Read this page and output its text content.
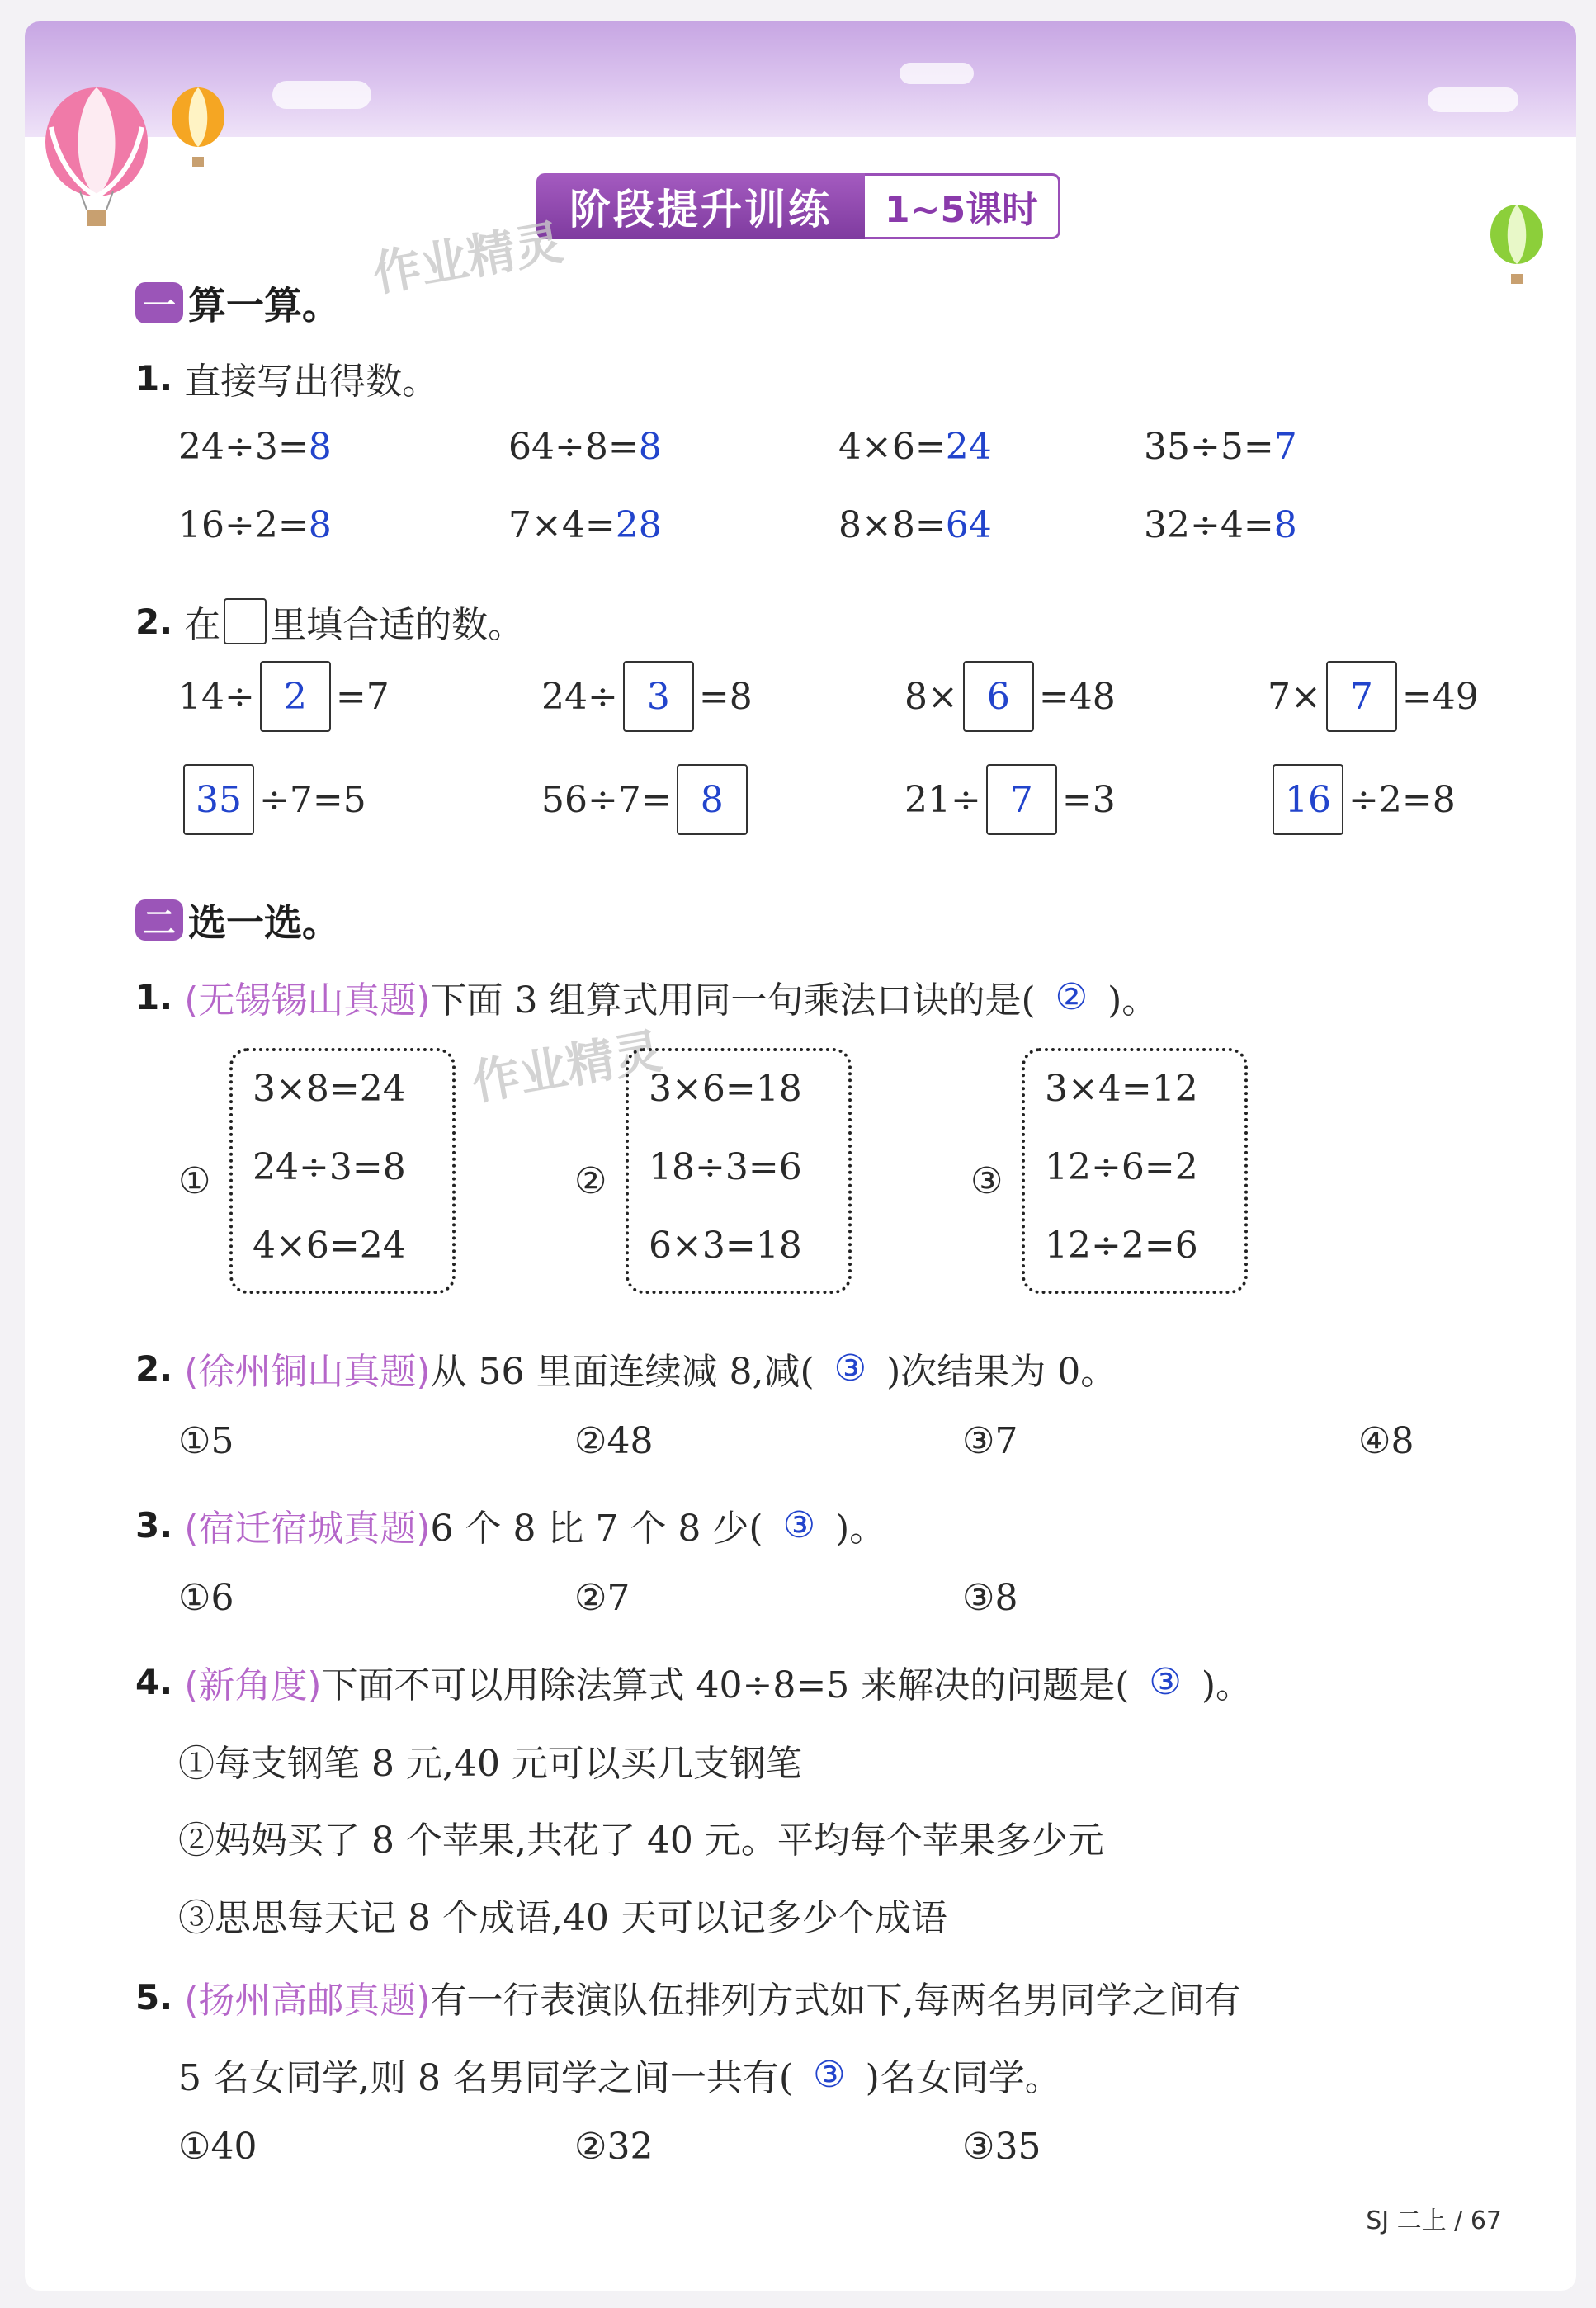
阶段提升训练	1~5课时
作业精灵
作业精灵
一 算一算。
1.
直接写出得数。
2.
在 里填合适的数。
二 选一选。
1.
(无锡锡山真题) 下面 3 组算式用同一句乘法口诀的是( ② )。
2.
(徐州铜山真题) 从 56 里面连续减 8,减( ③ )次结果为 0。
①5	②48	③7	④8
3.
(宿迁宿城真题) 6 个 8 比 7 个 8 少( ③ )。
①6	②7	③8
4.
(新角度) 下面不可以用除法算式 40÷8=5 来解决的问题是( ③ )。
①每支钢笔 8 元,40 元可以买几支钢笔
②妈妈买了 8 个苹果,共花了 40 元。平均每个苹果多少元
③思思每天记 8 个成语,40 天可以记多少个成语
5.
(扬州高邮真题) 有一行表演队伍排列方式如下,每两名男同学之间有
5 名女同学,则 8 名男同学之间一共有( ③ )名女同学。
①40	②32	③35
SJ 二上 / 67
24÷3= 8	64÷8= 8	4×6= 24	35÷5= 7
16÷2= 8	7×4= 28	8×8= 64	32÷4= 8
14÷ 2 =7	24÷ 3 =8	8× 6 =48	7× 7 =49
35 ÷7=5	56÷7= 8	21÷ 7 =3	16 ÷2=8
①
3×8=24
24÷3=8
4×6=24
②
3×6=18
18÷3=6
6×3=18
③
3×4=12
12÷6=2
12÷2=6
